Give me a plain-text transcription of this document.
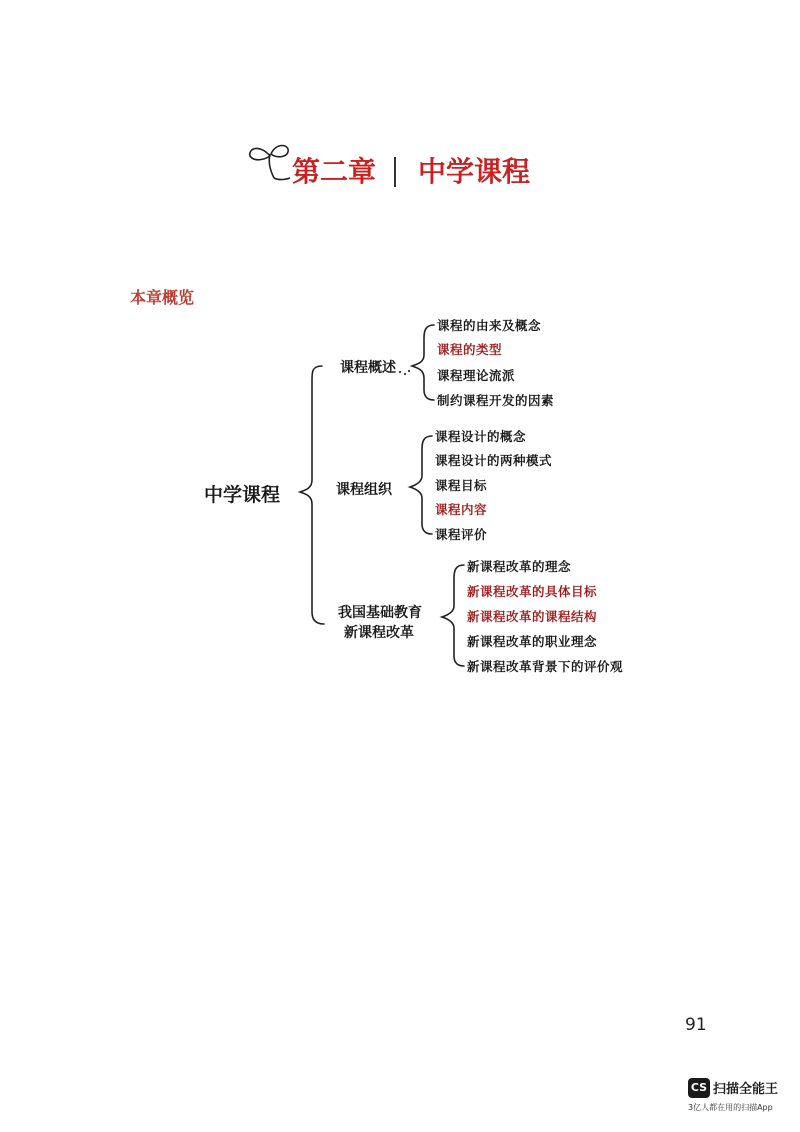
第二章 中学课程
本章概览
中学课程
课程概述
课程的由来及概念
课程的类型
课程理论流派
制约课程开发的因素
课程组织
课程设计的概念
课程设计的两种模式
课程目标
课程内容
课程评价
我国基础教育
新课程改革
新课程改革的理念
新课程改革的具体目标
新课程改革的课程结构
新课程改革的职业理念
新课程改革背景下的评价观
91
CS 扫描全能王
3亿人都在用的扫描App
